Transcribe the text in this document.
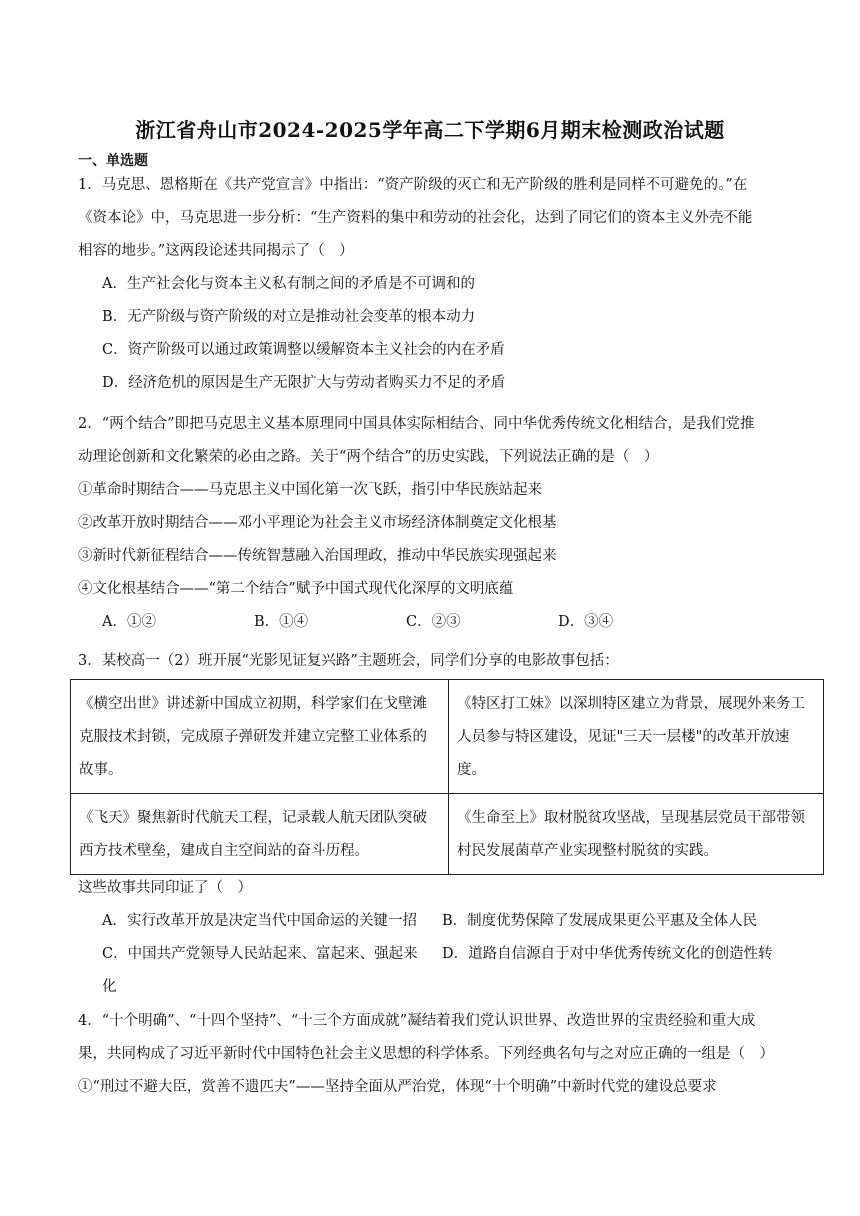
浙江省舟山市2024-2025学年高二下学期6月期末检测政治试题
一、单选题
1．马克思、恩格斯在《共产党宣言》中指出：“资产阶级的灭亡和无产阶级的胜利是同样不可避免的。”在
《资本论》中，马克思进一步分析：“生产资料的集中和劳动的社会化，达到了同它们的资本主义外壳不能
相容的地步。”这两段论述共同揭示了（　）
A．生产社会化与资本主义私有制之间的矛盾是不可调和的
B．无产阶级与资产阶级的对立是推动社会变革的根本动力
C．资产阶级可以通过政策调整以缓解资本主义社会的内在矛盾
D．经济危机的原因是生产无限扩大与劳动者购买力不足的矛盾
2．“两个结合”即把马克思主义基本原理同中国具体实际相结合、同中华优秀传统文化相结合，是我们党推
动理论创新和文化繁荣的必由之路。关于“两个结合”的历史实践，下列说法正确的是（　）
①革命时期结合——马克思主义中国化第一次飞跃，指引中华民族站起来
②改革开放时期结合——邓小平理论为社会主义市场经济体制奠定文化根基
③新时代新征程结合——传统智慧融入治国理政，推动中华民族实现强起来
④文化根基结合——“第二个结合”赋予中国式现代化深厚的文明底蕴
A．①②	B．①④	C．②③	D．③④
3．某校高一（2）班开展“光影见证复兴路”主题班会，同学们分享的电影故事包括：
《横空出世》讲述新中国成立初期，科学家们在戈壁滩克服技术封锁，完成原子弹研发并建立完整工业体系的故事。	《特区打工妹》以深圳特区建立为背景，展现外来务工人员参与特区建设，见证"三天一层楼"的改革开放速度。
《飞天》聚焦新时代航天工程，记录载人航天团队突破西方技术壁垒，建成自主空间站的奋斗历程。	《生命至上》取材脱贫攻坚战，呈现基层党员干部带领村民发展菌草产业实现整村脱贫的实践。
这些故事共同印证了（　）
A．实行改革开放是决定当代中国命运的关键一招	B．制度优势保障了发展成果更公平惠及全体人民
C．中国共产党领导人民站起来、富起来、强起来	D．道路自信源自于对中华优秀传统文化的创造性转
化
4．“十个明确”、“十四个坚持”、“十三个方面成就”凝结着我们党认识世界、改造世界的宝贵经验和重大成
果，共同构成了习近平新时代中国特色社会主义思想的科学体系。下列经典名句与之对应正确的一组是（　）
①“刑过不避大臣，赏善不遗匹夫”——坚持全面从严治党，体现“十个明确”中新时代党的建设总要求
